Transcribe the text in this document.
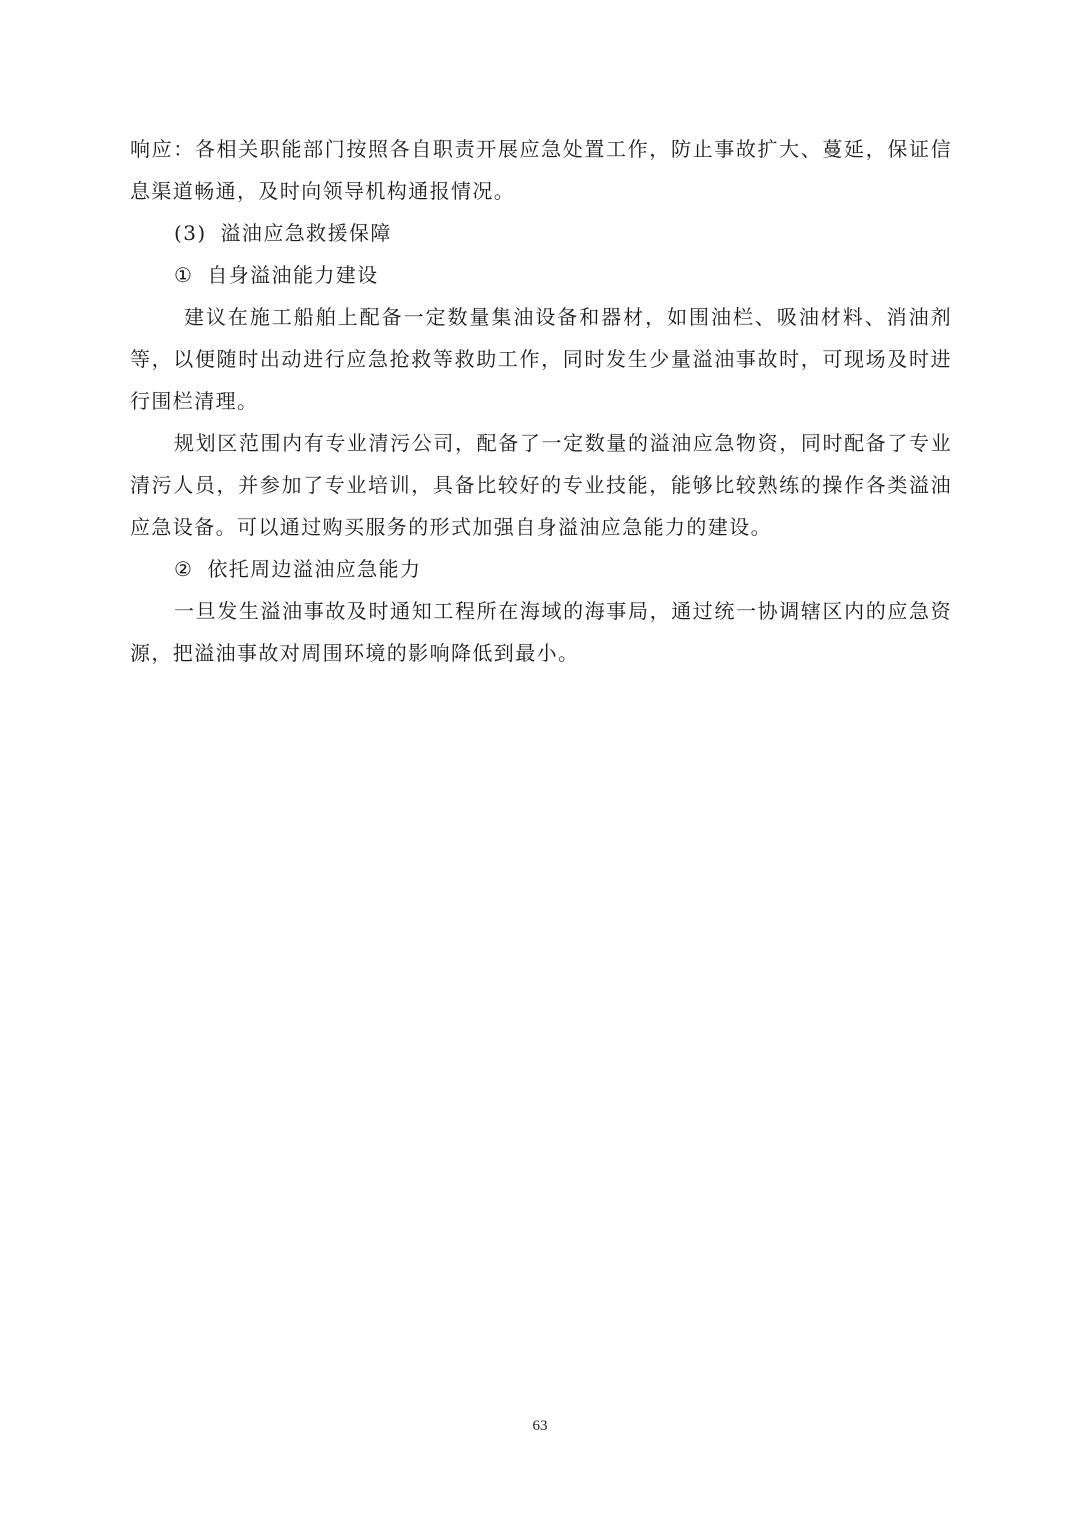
响应：各相关职能部门按照各自职责开展应急处置工作，防止事故扩大、蔓延，保证信息渠道畅通，及时向领导机构通报情况。

(3) 溢油应急救援保障

① 自身溢油能力建设

建议在施工船舶上配备一定数量集油设备和器材，如围油栏、吸油材料、消油剂等，以便随时出动进行应急抢救等救助工作，同时发生少量溢油事故时，可现场及时进行围栏清理。

规划区范围内有专业清污公司，配备了一定数量的溢油应急物资，同时配备了专业清污人员，并参加了专业培训，具备比较好的专业技能，能够比较熟练的操作各类溢油应急设备。可以通过购买服务的形式加强自身溢油应急能力的建设。

② 依托周边溢油应急能力

一旦发生溢油事故及时通知工程所在海域的海事局，通过统一协调辖区内的应急资源，把溢油事故对周围环境的影响降低到最小。

63
